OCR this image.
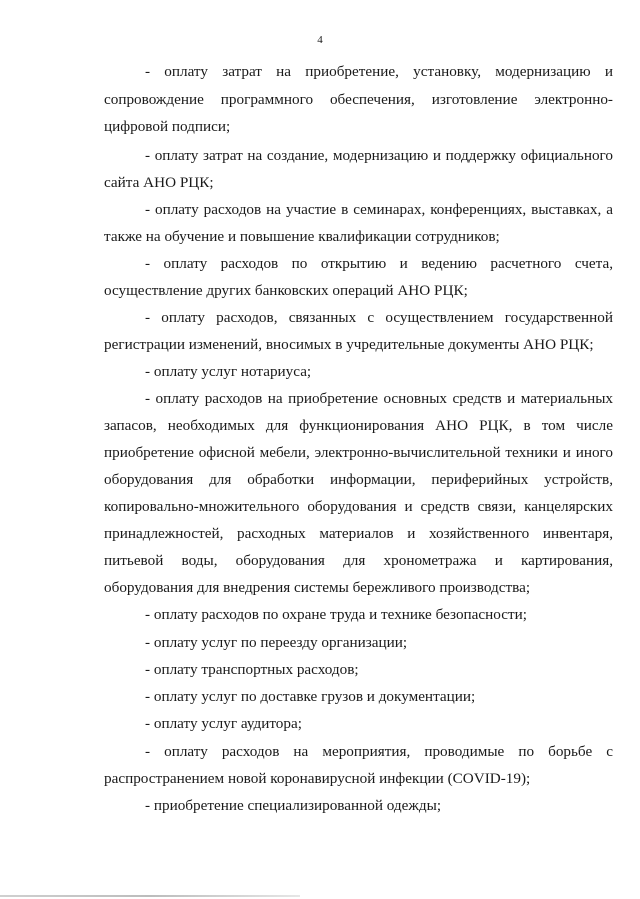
4
- оплату затрат на приобретение, установку, модернизацию и
сопровождение программного обеспечения, изготовление электронно-
цифровой подписи;
- оплату затрат на создание, модернизацию и поддержку официального
сайта АНО РЦК;
- оплату расходов на участие в семинарах, конференциях, выставках, а
также на обучение и повышение квалификации сотрудников;
- оплату расходов по открытию и ведению расчетного счета,
осуществление других банковских операций АНО РЦК;
- оплату расходов, связанных с осуществлением государственной
регистрации изменений, вносимых в учредительные документы АНО РЦК;
- оплату услуг нотариуса;
- оплату расходов на приобретение основных средств и материальных
запасов, необходимых для функционирования АНО РЦК, в том числе
приобретение офисной мебели, электронно-вычислительной техники и иного
оборудования для обработки информации, периферийных устройств,
копировально-множительного оборудования и средств связи, канцелярских
принадлежностей, расходных материалов и хозяйственного инвентаря,
питьевой воды, оборудования для хронометража и картирования,
оборудования для внедрения системы бережливого производства;
- оплату расходов по охране труда и технике безопасности;
- оплату услуг по переезду организации;
- оплату транспортных расходов;
- оплату услуг по доставке грузов и документации;
- оплату услуг аудитора;
- оплату расходов на мероприятия, проводимые по борьбе с
распространением новой коронавирусной инфекции (COVID-19);
- приобретение специализированной одежды;
